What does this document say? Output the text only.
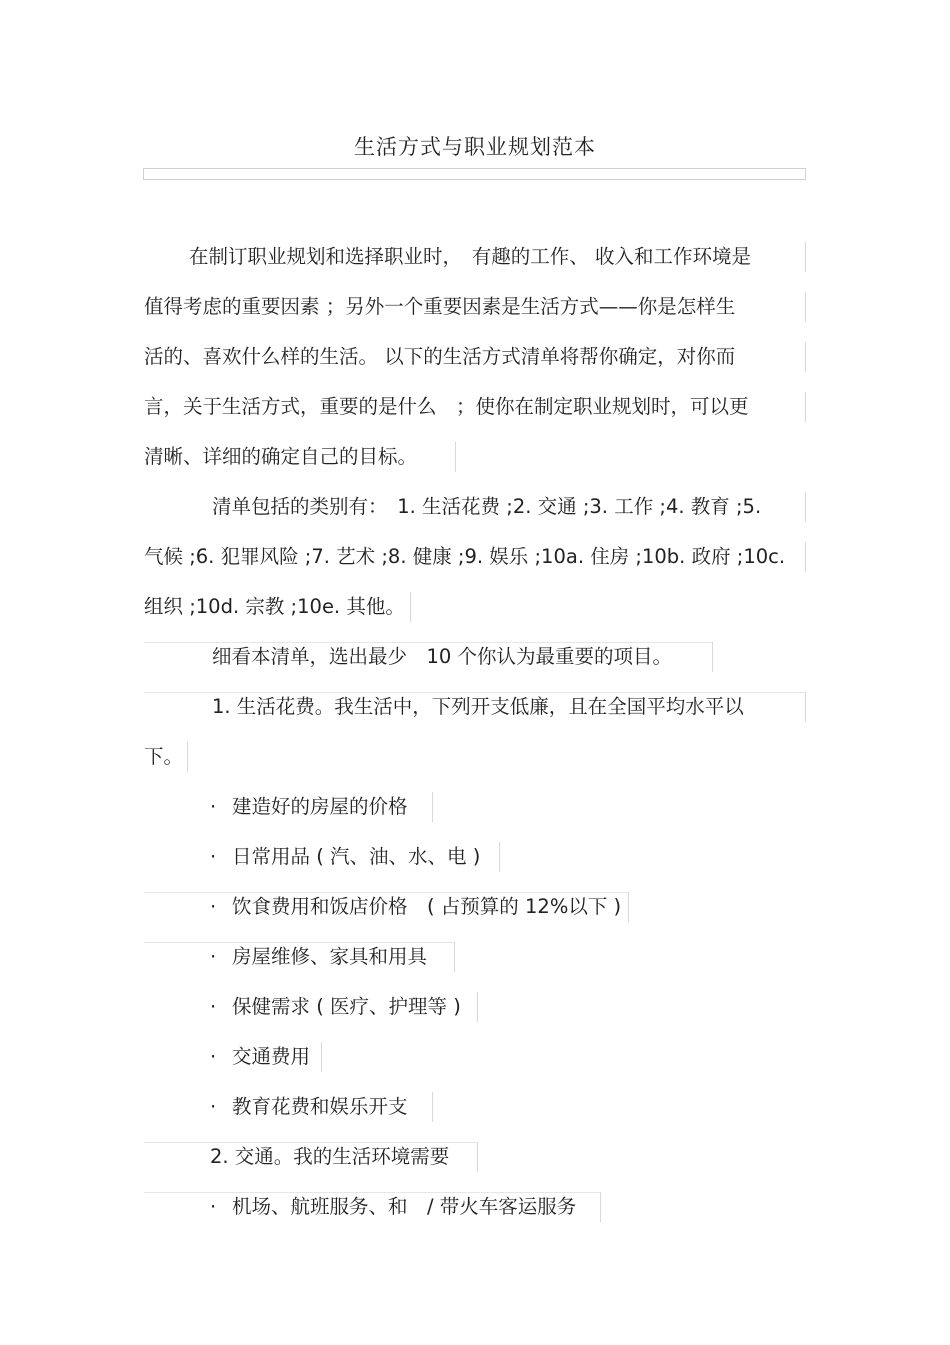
生活方式与职业规划范本
在制订职业规划和选择职业时，　有趣的工作、 收入和工作环境是
值得考虑的重要因素 ；另外一个重要因素是生活方式——你是怎样生
活的、喜欢什么样的生活。 以下的生活方式清单将帮你确定，对你而
言，关于生活方式，重要的是什么　；使你在制定职业规划时，可以更
清晰、详细的确定自己的目标。
清单包括的类别有：　1. 生活花费 ;2. 交通 ;3. 工作 ;4. 教育 ;5.
气候 ;6. 犯罪风险 ;7. 艺术 ;8. 健康 ;9. 娱乐 ;10a. 住房 ;10b. 政府 ;10c.
组织 ;10d. 宗教 ;10e. 其他。
细看本清单，选出最少　10 个你认为最重要的项目。
1. 生活花费。我生活中，下列开支低廉，且在全国平均水平以
下。
· 建造好的房屋的价格
· 日常用品 ( 汽、油、水、电 )
· 饮食费用和饭店价格　( 占预算的 12%以下 )
· 房屋维修、家具和用具
· 保健需求 ( 医疗、护理等 )
· 交通费用
· 教育花费和娱乐开支
2. 交通。我的生活环境需要
· 机场、航班服务、和　/ 带火车客运服务
